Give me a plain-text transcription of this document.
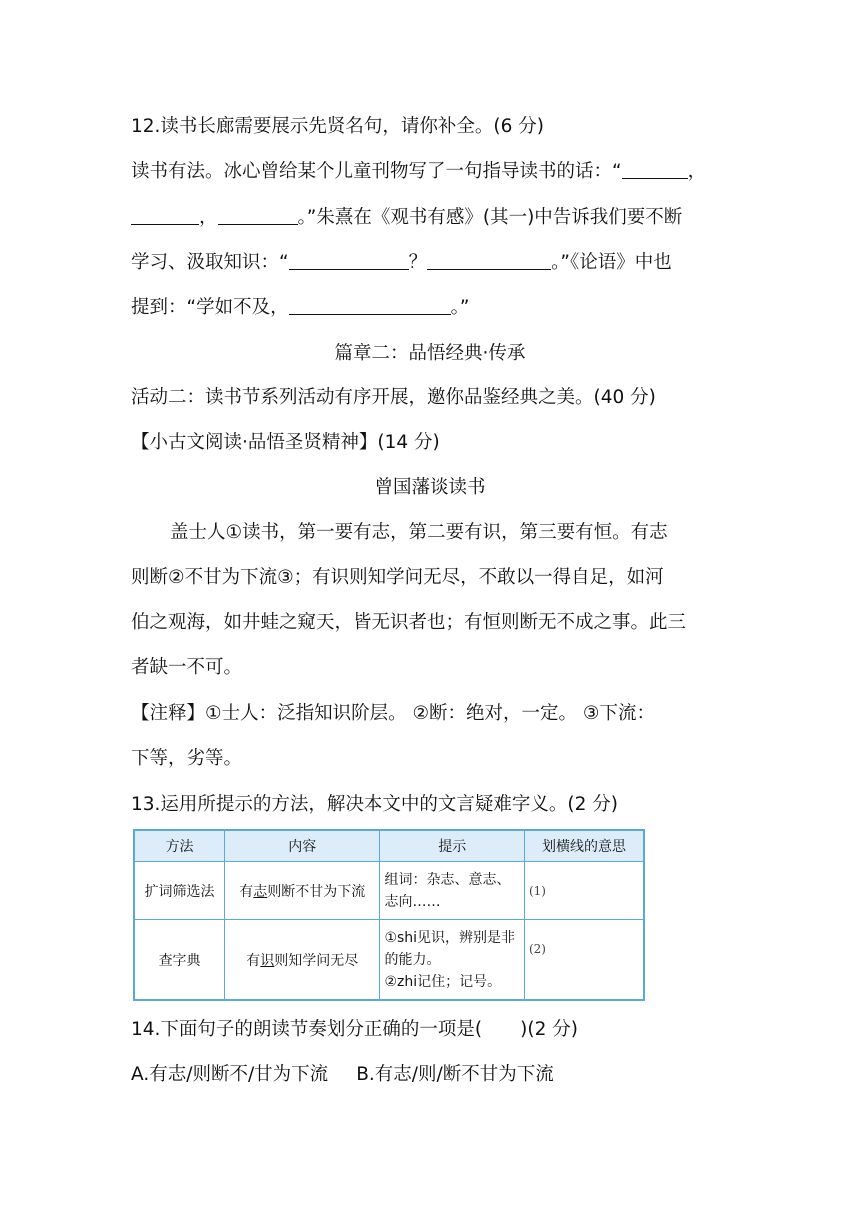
12.读书长廊需要展示先贤名句，请你补全。(6 分)
读书有法。冰心曾给某个儿童刊物写了一句指导读书的话：“	，
，	。”朱熹在《观书有感》(其一)中告诉我们要不断
学习、汲取知识：“	？	。”《论语》中也
提到：“学如不及，	。”
篇章二：品悟经典·传承
活动二：读书节系列活动有序开展，邀你品鉴经典之美。(40 分)
【小古文阅读·品悟圣贤精神】(14 分)
曾国藩谈读书
盖士人①读书，第一要有志，第二要有识，第三要有恒。有志
则断②不甘为下流③；有识则知学问无尽，不敢以一得自足，如河
伯之观海，如井蛙之窥天，皆无识者也；有恒则断无不成之事。此三
者缺一不可。
【注释】①士人：泛指知识阶层。 ②断：绝对，一定。 ③下流：
下等，劣等。
13.运用所提示的方法，解决本文中的文言疑难字义。(2 分)
方法	内容	提示	划横线的意思
扩词筛选法	有志则断不甘为下流	组词：杂志、意志、志向……	(1)
查字典	有识则知学问无尽	①shi见识，辨别是非的能力。
②zhi记住；记号。	(2)
14.下面句子的朗读节奏划分正确的一项是( )(2 分)
A.有志/则断不/甘为下流 B.有志/则/断不甘为下流
